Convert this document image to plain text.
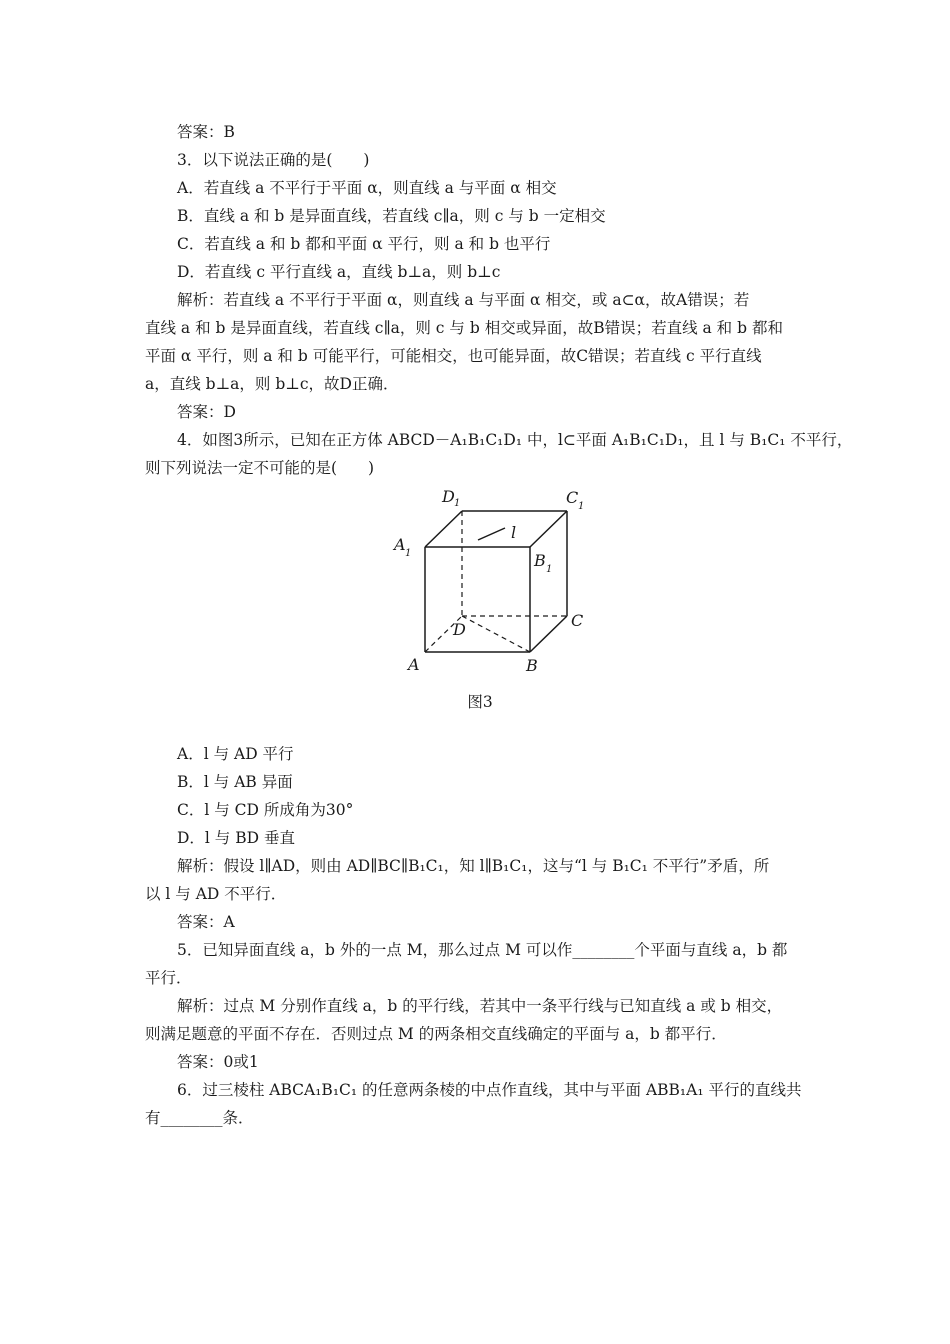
答案：B
3．以下说法正确的是(　　)
A．若直线 a 不平行于平面 α，则直线 a 与平面 α 相交
B．直线 a 和 b 是异面直线，若直线 c∥a，则 c 与 b 一定相交
C．若直线 a 和 b 都和平面 α 平行，则 a 和 b 也平行
D．若直线 c 平行直线 a，直线 b⊥a，则 b⊥c
解析：若直线 a 不平行于平面 α，则直线 a 与平面 α 相交，或 a⊂α，故A错误；若
直线 a 和 b 是异面直线，若直线 c∥a，则 c 与 b 相交或异面，故B错误；若直线 a 和 b 都和
平面 α 平行，则 a 和 b 可能平行，可能相交，也可能异面，故C错误；若直线 c 平行直线
a，直线 b⊥a，则 b⊥c，故D正确．
答案：D
4．如图3所示，已知在正方体 ABCD－A₁B₁C₁D₁ 中，l⊂平面 A₁B₁C₁D₁，且 l 与 B₁C₁ 不平行，
则下列说法一定不可能的是(　　)
D 1	C 1
A 1	B 1
l
D	C
A	B
图3
A．l 与 AD 平行
B．l 与 AB 异面
C．l 与 CD 所成角为30°
D．l 与 BD 垂直
解析：假设 l∥AD，则由 AD∥BC∥B₁C₁，知 l∥B₁C₁，这与“l 与 B₁C₁ 不平行”矛盾，所
以 l 与 AD 不平行．
答案：A
5．已知异面直线 a，b 外的一点 M，那么过点 M 可以作________个平面与直线 a，b 都
平行．
解析：过点 M 分别作直线 a，b 的平行线，若其中一条平行线与已知直线 a 或 b 相交，
则满足题意的平面不存在．否则过点 M 的两条相交直线确定的平面与 a，b 都平行．
答案：0或1
6．过三棱柱 ABCA₁B₁C₁ 的任意两条棱的中点作直线，其中与平面 ABB₁A₁ 平行的直线共
有________条．
